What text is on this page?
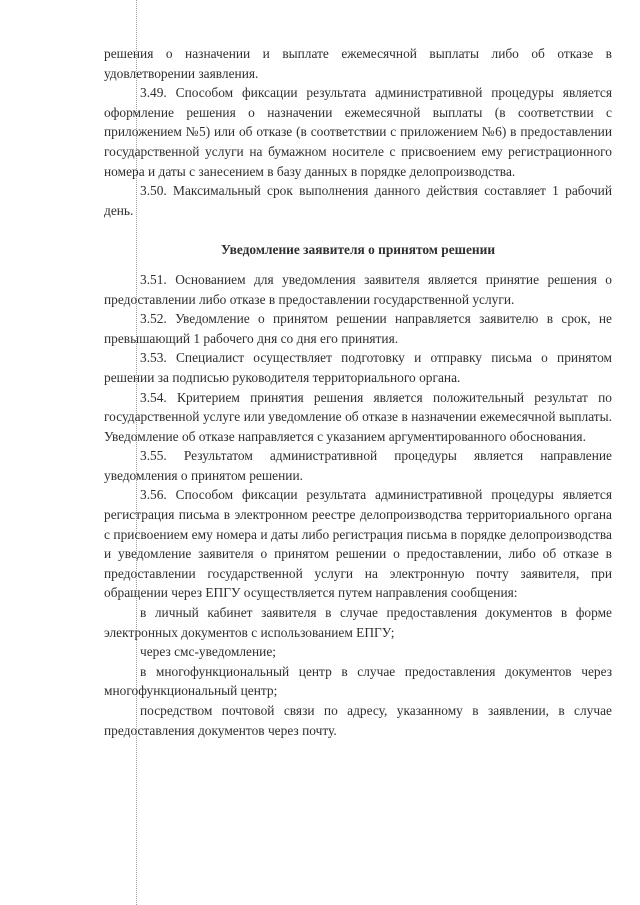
решения о назначении и выплате ежемесячной выплаты либо об отказе в удовлетворении заявления.

3.49. Способом фиксации результата административной процедуры является оформление решения о назначении ежемесячной выплаты (в соответствии с приложением №5) или об отказе (в соответствии с приложением №6) в предоставлении государственной услуги на бумажном носителе с присвоением ему регистрационного номера и даты с занесением в базу данных в порядке делопроизводства.

3.50. Максимальный срок выполнения данного действия составляет 1 рабочий день.

Уведомление заявителя о принятом решении

3.51. Основанием для уведомления заявителя является принятие решения о предоставлении либо отказе в предоставлении государственной услуги.

3.52. Уведомление о принятом решении направляется заявителю в срок, не превышающий 1 рабочего дня со дня его принятия.

3.53. Специалист осуществляет подготовку и отправку письма о принятом решении за подписью руководителя территориального органа.

3.54. Критерием принятия решения является положительный результат по государственной услуге или уведомление об отказе в назначении ежемесячной выплаты. Уведомление об отказе направляется с указанием аргументированного обоснования.

3.55. Результатом административной процедуры является направление уведомления о принятом решении.

3.56. Способом фиксации результата административной процедуры является регистрация письма в электронном реестре делопроизводства территориального органа с присвоением ему номера и даты либо регистрация письма в порядке делопроизводства и уведомление заявителя о принятом решении о предоставлении, либо об отказе в предоставлении государственной услуги на электронную почту заявителя, при обращении через ЕПГУ осуществляется путем направления сообщения:

в личный кабинет заявителя в случае предоставления документов в форме электронных документов с использованием ЕПГУ;

через смс-уведомление;

в многофункциональный центр в случае предоставления документов через многофункциональный центр;

посредством почтовой связи по адресу, указанному в заявлении, в случае предоставления документов через почту.
